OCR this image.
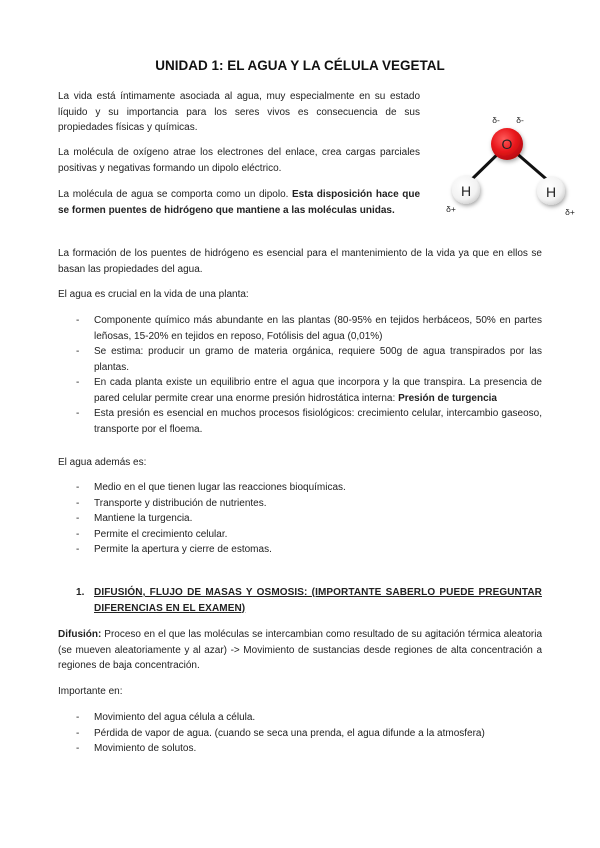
UNIDAD 1: EL AGUA Y LA CÉLULA VEGETAL

La vida está íntimamente asociada al agua, muy especialmente en su estado líquido y su importancia para los seres vivos es consecuencia de sus propiedades físicas y químicas.

La molécula de oxígeno atrae los electrones del enlace, crea cargas parciales positivas y negativas formando un dipolo eléctrico.

La molécula de agua se comporta como un dipolo. Esta disposición hace que se formen puentes de hidrógeno que mantiene a las moléculas unidas.

La formación de los puentes de hidrógeno es esencial para el mantenimiento de la vida ya que en ellos se basan las propiedades del agua.

El agua es crucial en la vida de una planta:

O
H	H
δ- δ-
δ+	δ+
- Componente químico más abundante en las plantas (80-95% en tejidos herbáceos, 50% en partes leñosas, 15-20% en tejidos en reposo, Fotólisis del agua (0,01%)
- Se estima: producir un gramo de materia orgánica, requiere 500g de agua transpirados por las plantas.
- En cada planta existe un equilibrio entre el agua que incorpora y la que transpira. La presencia de pared celular permite crear una enorme presión hidrostática interna: Presión de turgencia
- Esta presión es esencial en muchos procesos fisiológicos: crecimiento celular, intercambio gaseoso, transporte por el floema.

El agua además es:

- Medio en el que tienen lugar las reacciones bioquímicas.
- Transporte y distribución de nutrientes.
- Mantiene la turgencia.
- Permite el crecimiento celular.
- Permite la apertura y cierre de estomas.
1. DIFUSIÓN, FLUJO DE MASAS Y OSMOSIS: (IMPORTANTE SABERLO PUEDE PREGUNTAR DIFERENCIAS EN EL EXAMEN)

Difusión: Proceso en el que las moléculas se intercambian como resultado de su agitación térmica aleatoria (se mueven aleatoriamente y al azar) -> Movimiento de sustancias desde regiones de alta concentración a regiones de baja concentración.

Importante en:

- Movimiento del agua célula a célula.
- Pérdida de vapor de agua. (cuando se seca una prenda, el agua difunde a la atmosfera)
- Movimiento de solutos.
